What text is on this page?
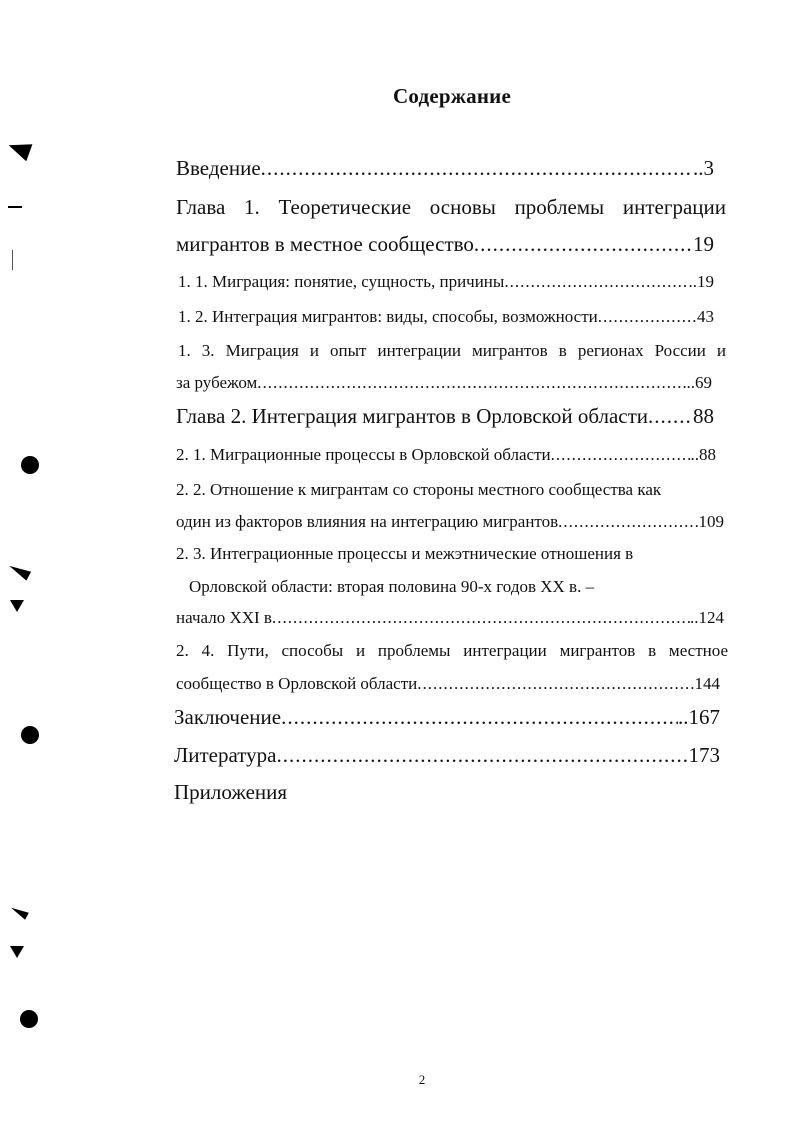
Содержание
Введение .....	..3
Глава 1. Теоретические основы проблемы интеграции
мигрантов в местное сообщество .....	19
1. 1. Миграция: понятие, сущность, причины .....	..19
1. 2. Интеграция мигрантов: виды, способы, возможности .....	43
1. 3. Миграция и опыт интеграции мигрантов в регионах России и
за рубежом .....	..69
Глава 2. Интеграция мигрантов в Орловской области ..... 88
2. 1. Миграционные процессы в Орловской области .....	..88
2. 2. Отношение к мигрантам со стороны местного сообщества как
один из факторов влияния на интеграцию мигрантов .....	109
2. 3. Интеграционные процессы и межэтнические отношения в
Орловской области: вторая половина 90-х годов XX в. –
начало XXI в .....	..124
2. 4. Пути, способы и проблемы интеграции мигрантов в местное
сообщество в Орловской области .....	144
Заключение .....	..167
Литература .....	173
Приложения
2
